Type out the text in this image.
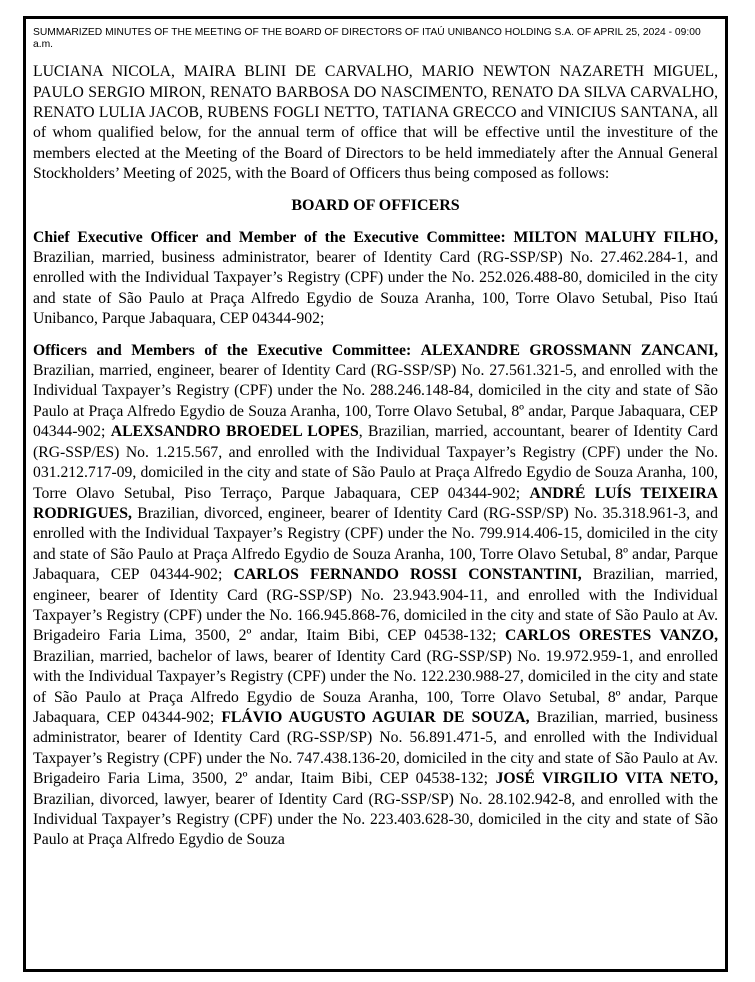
SUMMARIZED MINUTES OF THE MEETING OF THE BOARD OF DIRECTORS OF ITAÚ UNIBANCO HOLDING S.A. OF APRIL 25, 2024 - 09:00 a.m.

LUCIANA NICOLA, MAIRA BLINI DE CARVALHO, MARIO NEWTON NAZARETH MIGUEL, PAULO SERGIO MIRON, RENATO BARBOSA DO NASCIMENTO, RENATO DA SILVA CARVALHO, RENATO LULIA JACOB, RUBENS FOGLI NETTO, TATIANA GRECCO and VINICIUS SANTANA, all of whom qualified below, for the annual term of office that will be effective until the investiture of the members elected at the Meeting of the Board of Directors to be held immediately after the Annual General Stockholders’ Meeting of 2025, with the Board of Officers thus being composed as follows:

BOARD OF OFFICERS

Chief Executive Officer and Member of the Executive Committee: MILTON MALUHY FILHO, Brazilian, married, business administrator, bearer of Identity Card (RG-SSP/SP) No. 27.462.284-1, and enrolled with the Individual Taxpayer’s Registry (CPF) under the No. 252.026.488-80, domiciled in the city and state of São Paulo at Praça Alfredo Egydio de Souza Aranha, 100, Torre Olavo Setubal, Piso Itaú Unibanco, Parque Jabaquara, CEP 04344-902;

Officers and Members of the Executive Committee: ALEXANDRE GROSSMANN ZANCANI, Brazilian, married, engineer, bearer of Identity Card (RG-SSP/SP) No. 27.561.321-5, and enrolled with the Individual Taxpayer’s Registry (CPF) under the No. 288.246.148-84, domiciled in the city and state of São Paulo at Praça Alfredo Egydio de Souza Aranha, 100, Torre Olavo Setubal, 8º andar, Parque Jabaquara, CEP 04344-902; ALEXSANDRO BROEDEL LOPES, Brazilian, married, accountant, bearer of Identity Card (RG-SSP/ES) No. 1.215.567, and enrolled with the Individual Taxpayer’s Registry (CPF) under the No. 031.212.717-09, domiciled in the city and state of São Paulo at Praça Alfredo Egydio de Souza Aranha, 100, Torre Olavo Setubal, Piso Terraço, Parque Jabaquara, CEP 04344-902; ANDRÉ LUÍS TEIXEIRA RODRIGUES, Brazilian, divorced, engineer, bearer of Identity Card (RG-SSP/SP) No. 35.318.961-3, and enrolled with the Individual Taxpayer’s Registry (CPF) under the No. 799.914.406-15, domiciled in the city and state of São Paulo at Praça Alfredo Egydio de Souza Aranha, 100, Torre Olavo Setubal, 8º andar, Parque Jabaquara, CEP 04344-902; CARLOS FERNANDO ROSSI CONSTANTINI, Brazilian, married, engineer, bearer of Identity Card (RG-SSP/SP) No. 23.943.904-11, and enrolled with the Individual Taxpayer’s Registry (CPF) under the No. 166.945.868-76, domiciled in the city and state of São Paulo at Av. Brigadeiro Faria Lima, 3500, 2º andar, Itaim Bibi, CEP 04538-132; CARLOS ORESTES VANZO, Brazilian, married, bachelor of laws, bearer of Identity Card (RG-SSP/SP) No. 19.972.959-1, and enrolled with the Individual Taxpayer’s Registry (CPF) under the No. 122.230.988-27, domiciled in the city and state of São Paulo at Praça Alfredo Egydio de Souza Aranha, 100, Torre Olavo Setubal, 8º andar, Parque Jabaquara, CEP 04344-902; FLÁVIO AUGUSTO AGUIAR DE SOUZA, Brazilian, married, business administrator, bearer of Identity Card (RG-SSP/SP) No. 56.891.471-5, and enrolled with the Individual Taxpayer’s Registry (CPF) under the No. 747.438.136-20, domiciled in the city and state of São Paulo at Av. Brigadeiro Faria Lima, 3500, 2º andar, Itaim Bibi, CEP 04538-132; JOSÉ VIRGILIO VITA NETO, Brazilian, divorced, lawyer, bearer of Identity Card (RG-SSP/SP) No. 28.102.942-8, and enrolled with the Individual Taxpayer’s Registry (CPF) under the No. 223.403.628-30, domiciled in the city and state of São Paulo at Praça Alfredo Egydio de Souza
